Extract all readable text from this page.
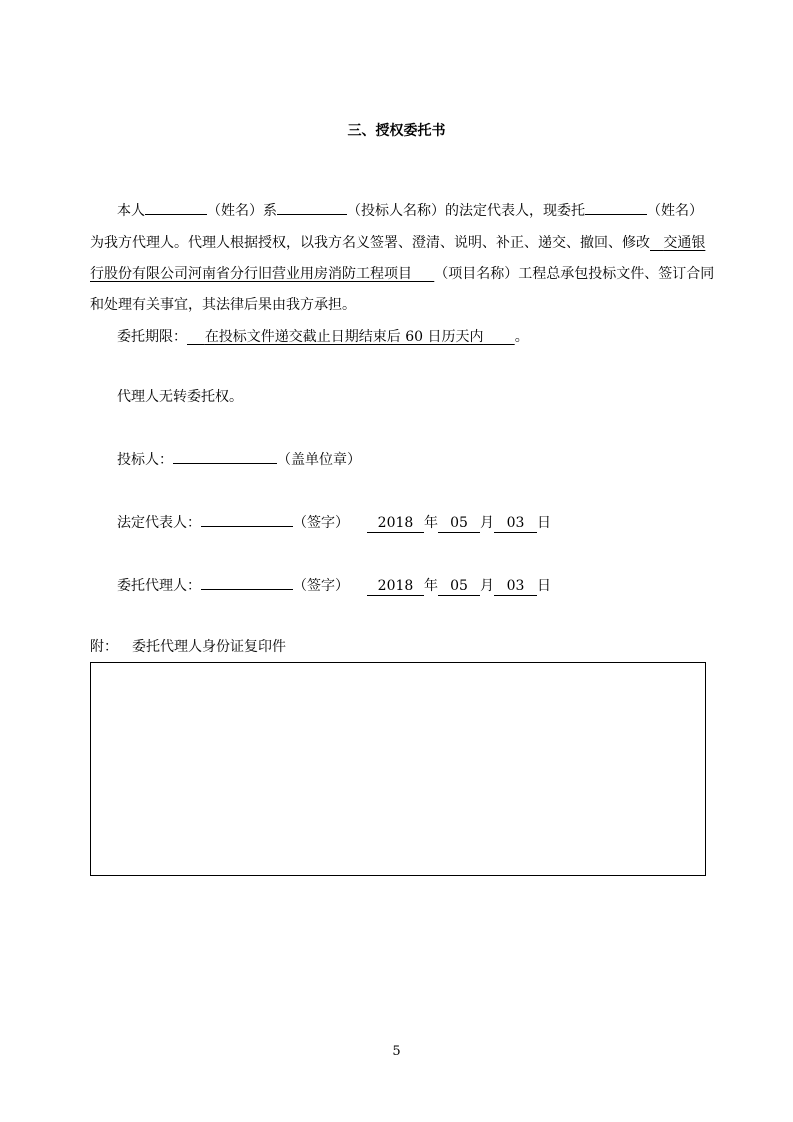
三、授权委托书
本人	（姓名）系	（投标人名称）的法定代表人，现委托	（姓名）
为我方代理人。代理人根据授权，以我方名义签署、澄清、说明、补正、递交、撤回、修改 交通银
行股份有限公司河南省分行旧营业用房消防工程项目 （项目名称）工程总承包投标文件、签订合同
和处理有关事宜，其法律后果由我方承担。
委托期限： 在投标文件递交截止日期结束后 60 日历天内 。
代理人无转委托权。
投标人：	（盖单位章）
法定代表人：	（签字） 2018 年 05 月 03 日
委托代理人：	（签字） 2018 年 05 月 03 日
附： 委托代理人身份证复印件
5
